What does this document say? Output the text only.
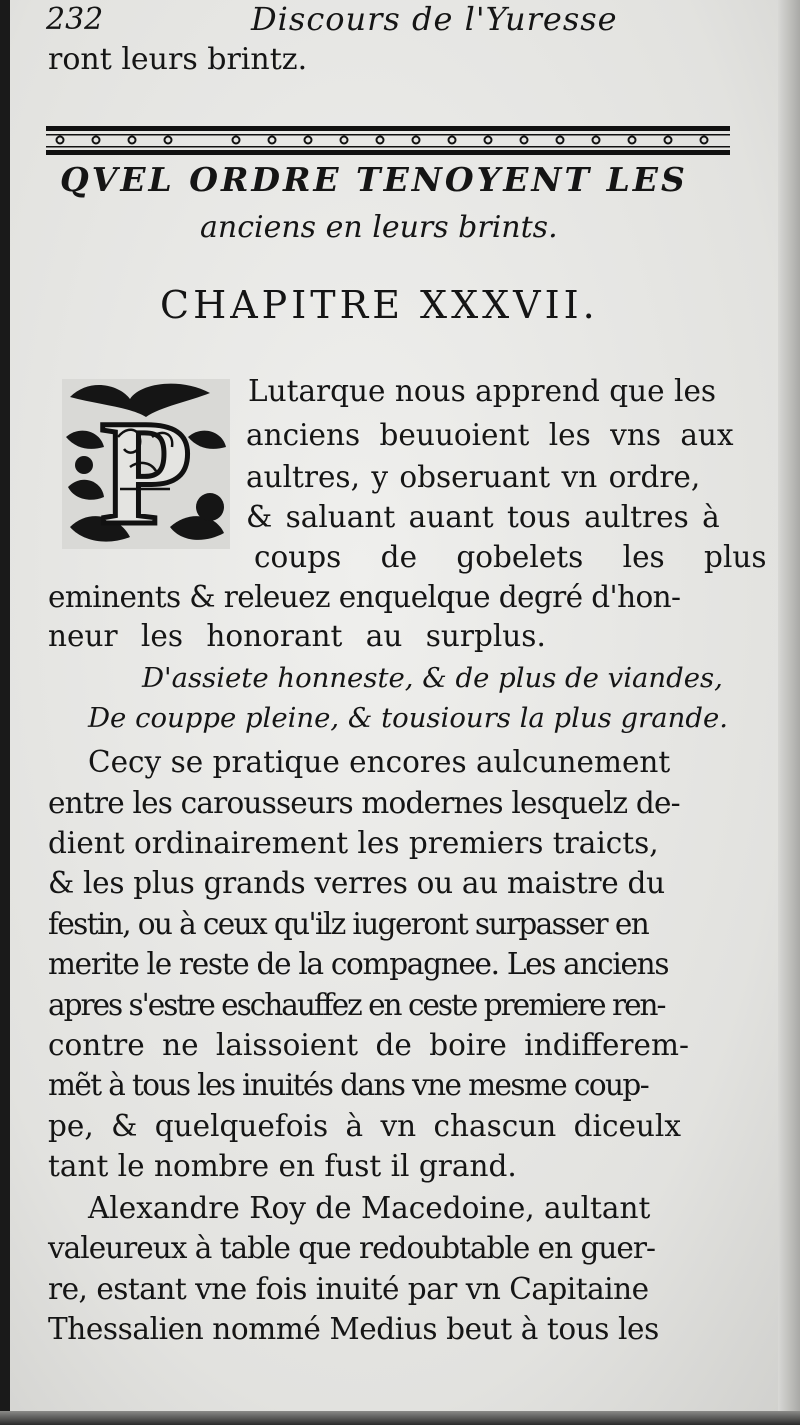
232	Discours de l'Yuresse
ront leurs brintz.
QVEL ORDRE TENOYENT LES
anciens en leurs brints.
CHAPITRE XXXVII.
P Lutarque nous apprend que les
anciens beuuoient les vns aux
aultres, y obseruant vn ordre,
& saluant auant tous aultres à
coups de gobelets les plus
eminents & releuez enquelque degré d'hon-
neur les honorant au surplus.
D'assiete honneste, & de plus de viandes,
De couppe pleine, & tousiours la plus grande.
Cecy se pratique encores aulcunement
entre les carousseurs modernes lesquelz de-
dient ordinairement les premiers traicts,
& les plus grands verres ou au maistre du
festin, ou à ceux qu'ilz iugeront surpasser en
merite le reste de la compagnee. Les anciens
apres s'estre eschauffez en ceste premiere ren-
contre ne laissoient de boire indifferem-
mẽt à tous les inuités dans vne mesme coup-
pe, & quelquefois à vn chascun diceulx
tant le nombre en fust il grand.
Alexandre Roy de Macedoine, aultant
valeureux à table que redoubtable en guer-
re, estant vne fois inuité par vn Capitaine
Thessalien nommé Medius beut à tous les
